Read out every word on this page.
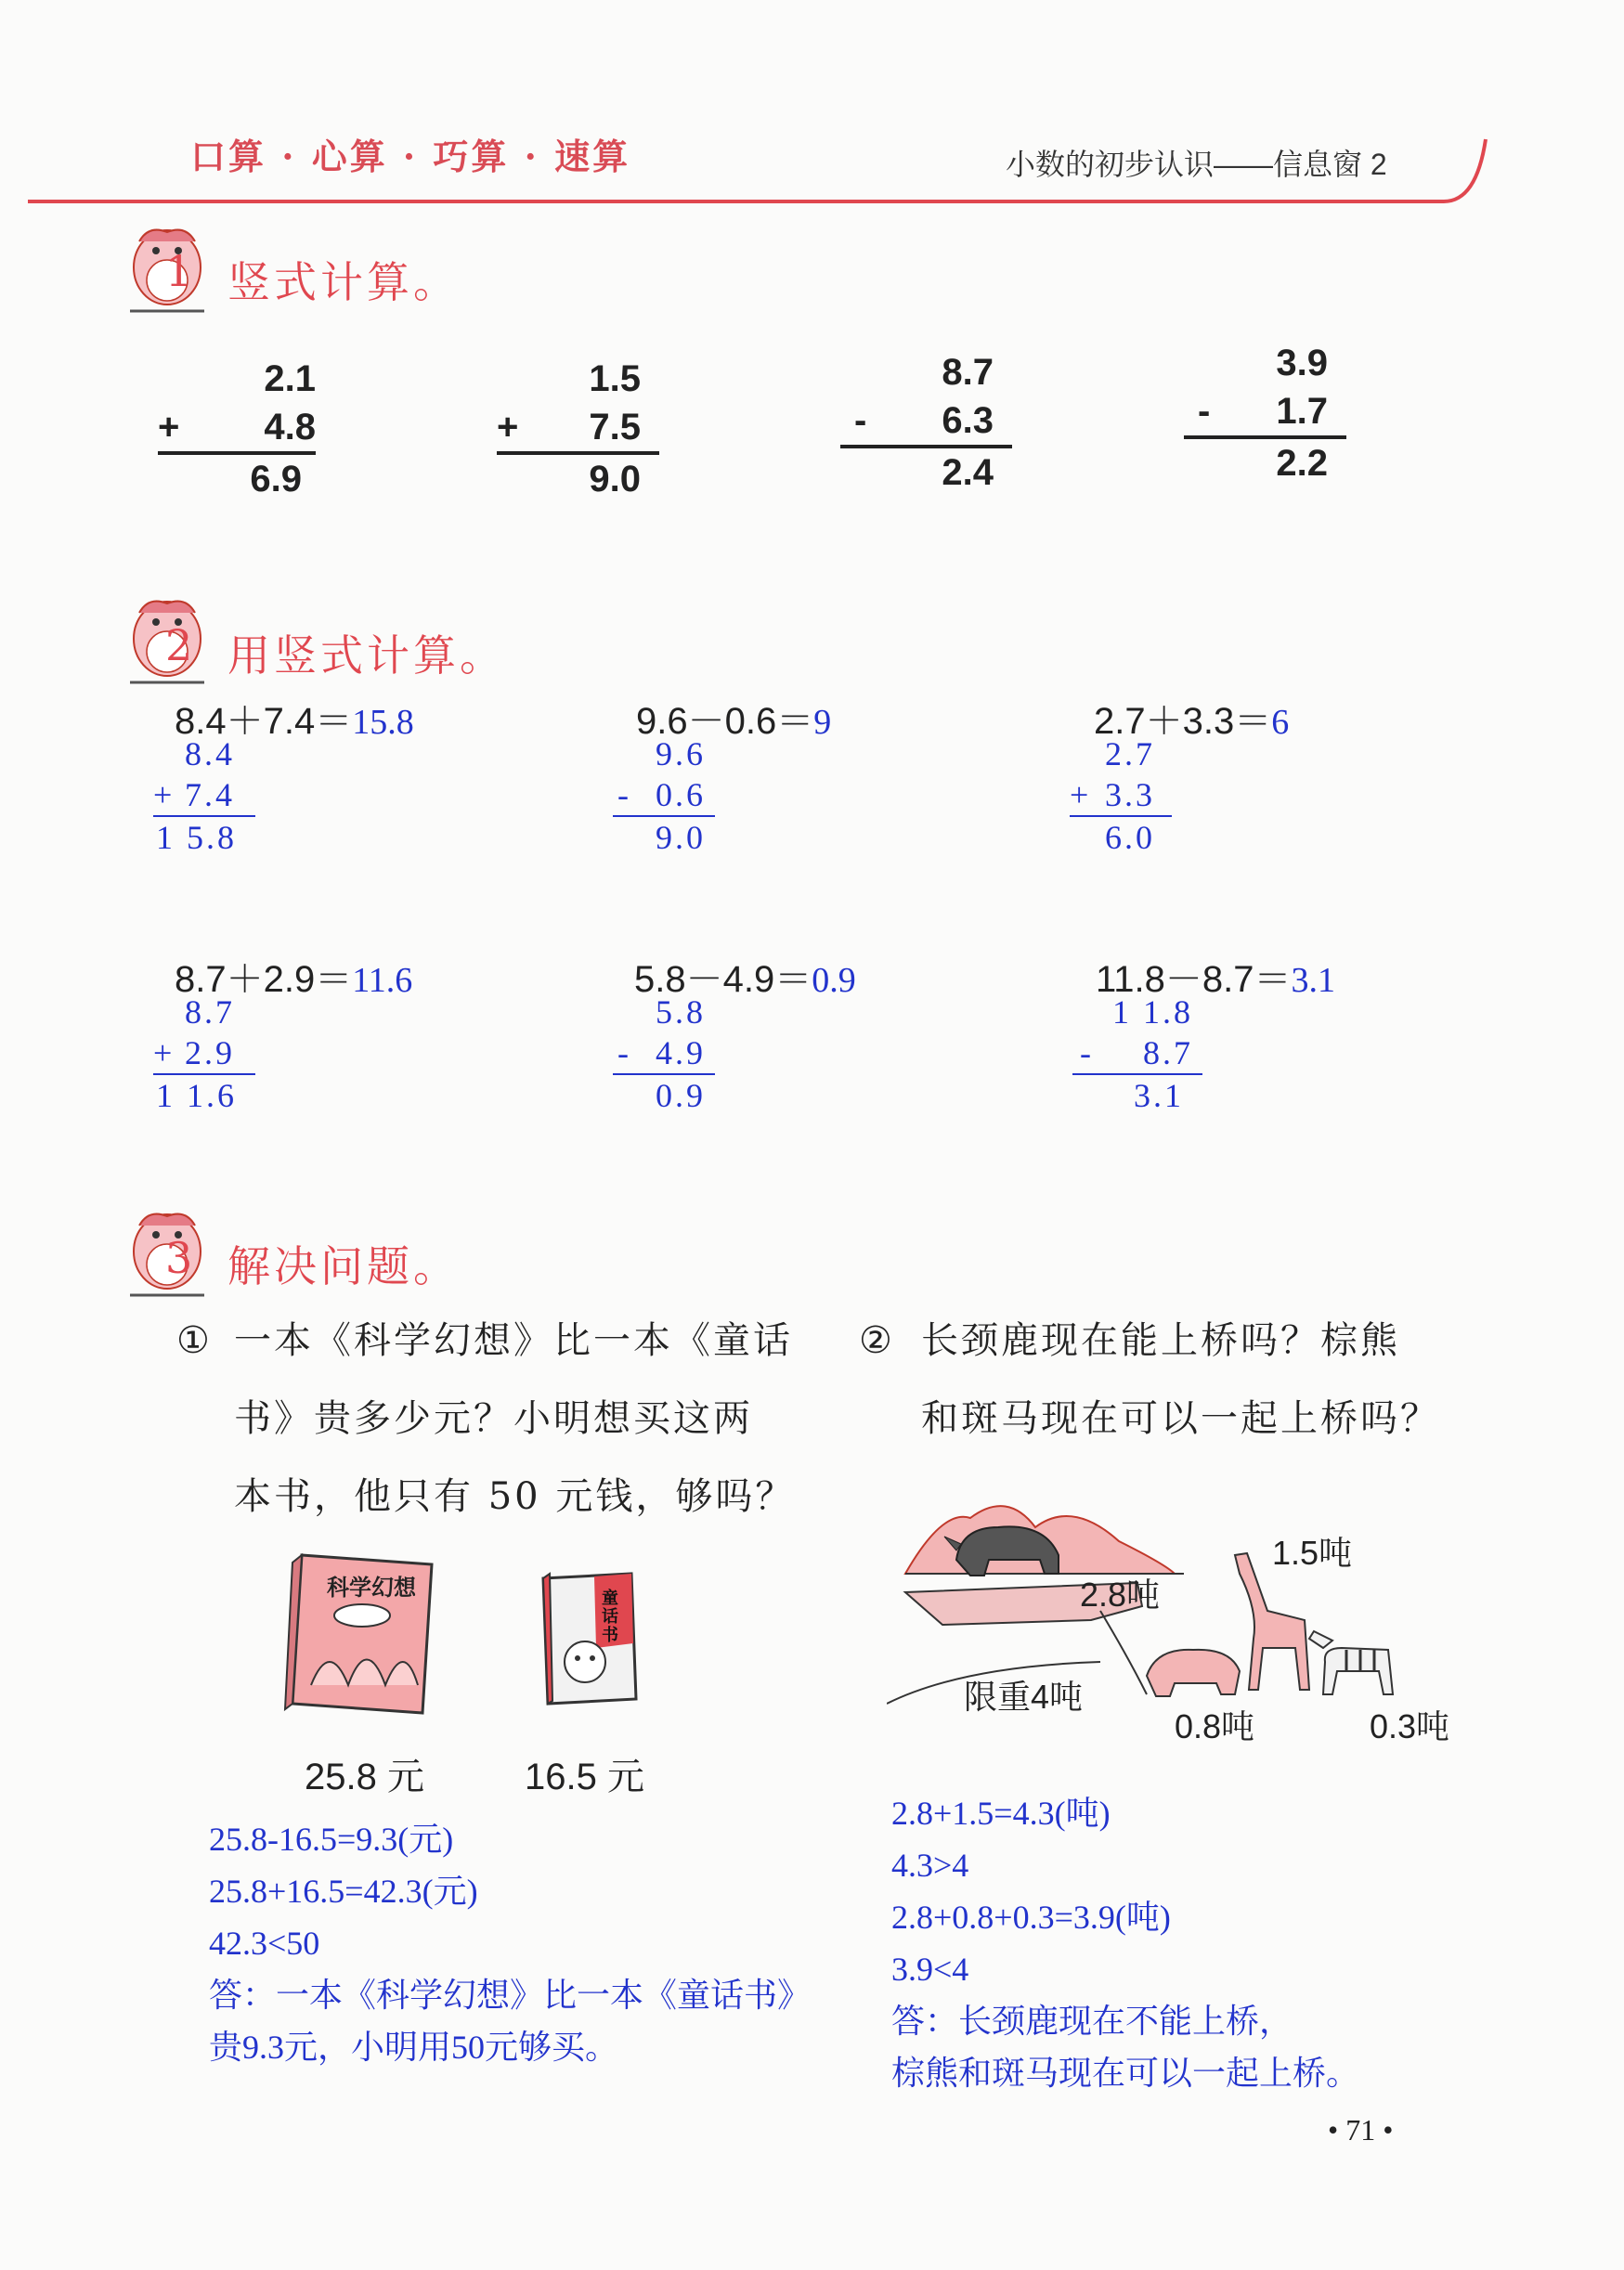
口算 · 心算 · 巧算 · 速算	小数的初步认识——信息窗 2
1 竖式计算。
2.1
+ 4.8
6.9
1.5
+ 7.5
9.0
8.7
- 6.3
2.4
3.9
- 1.7
2.2
2 用竖式计算。
8.4＋7.4＝15.8
8.4
+ 7.4
1 5.8
9.6－0.6＝9
9.6
- 0.6
9.0
2.7＋3.3＝6
2.7
+ 3.3
6.0
8.7＋2.9＝11.6
8.7
+ 2.9
1 1.6
5.8－4.9＝0.9
5.8
- 4.9
0.9
11.8－8.7＝3.1
1 1.8
- 8.7
3.1
3 解决问题。
① 一本《科学幻想》比一本《童话
书》贵多少元？小明想买这两
本书，他只有 50 元钱，够吗？
科学幻想	童话书
25.8 元	16.5 元
25.8-16.5=9.3(元)
25.8+16.5=42.3(元)
42.3<50
答：一本《科学幻想》比一本《童话书》
贵9.3元，小明用50元够买。
② 长颈鹿现在能上桥吗？棕熊
和斑马现在可以一起上桥吗？
2.8吨
1.5吨
0.8吨	0.3吨
限重4吨
2.8+1.5=4.3(吨)
4.3>4
2.8+0.8+0.3=3.9(吨)
3.9<4
答：长颈鹿现在不能上桥，
棕熊和斑马现在可以一起上桥。
• 71 •
